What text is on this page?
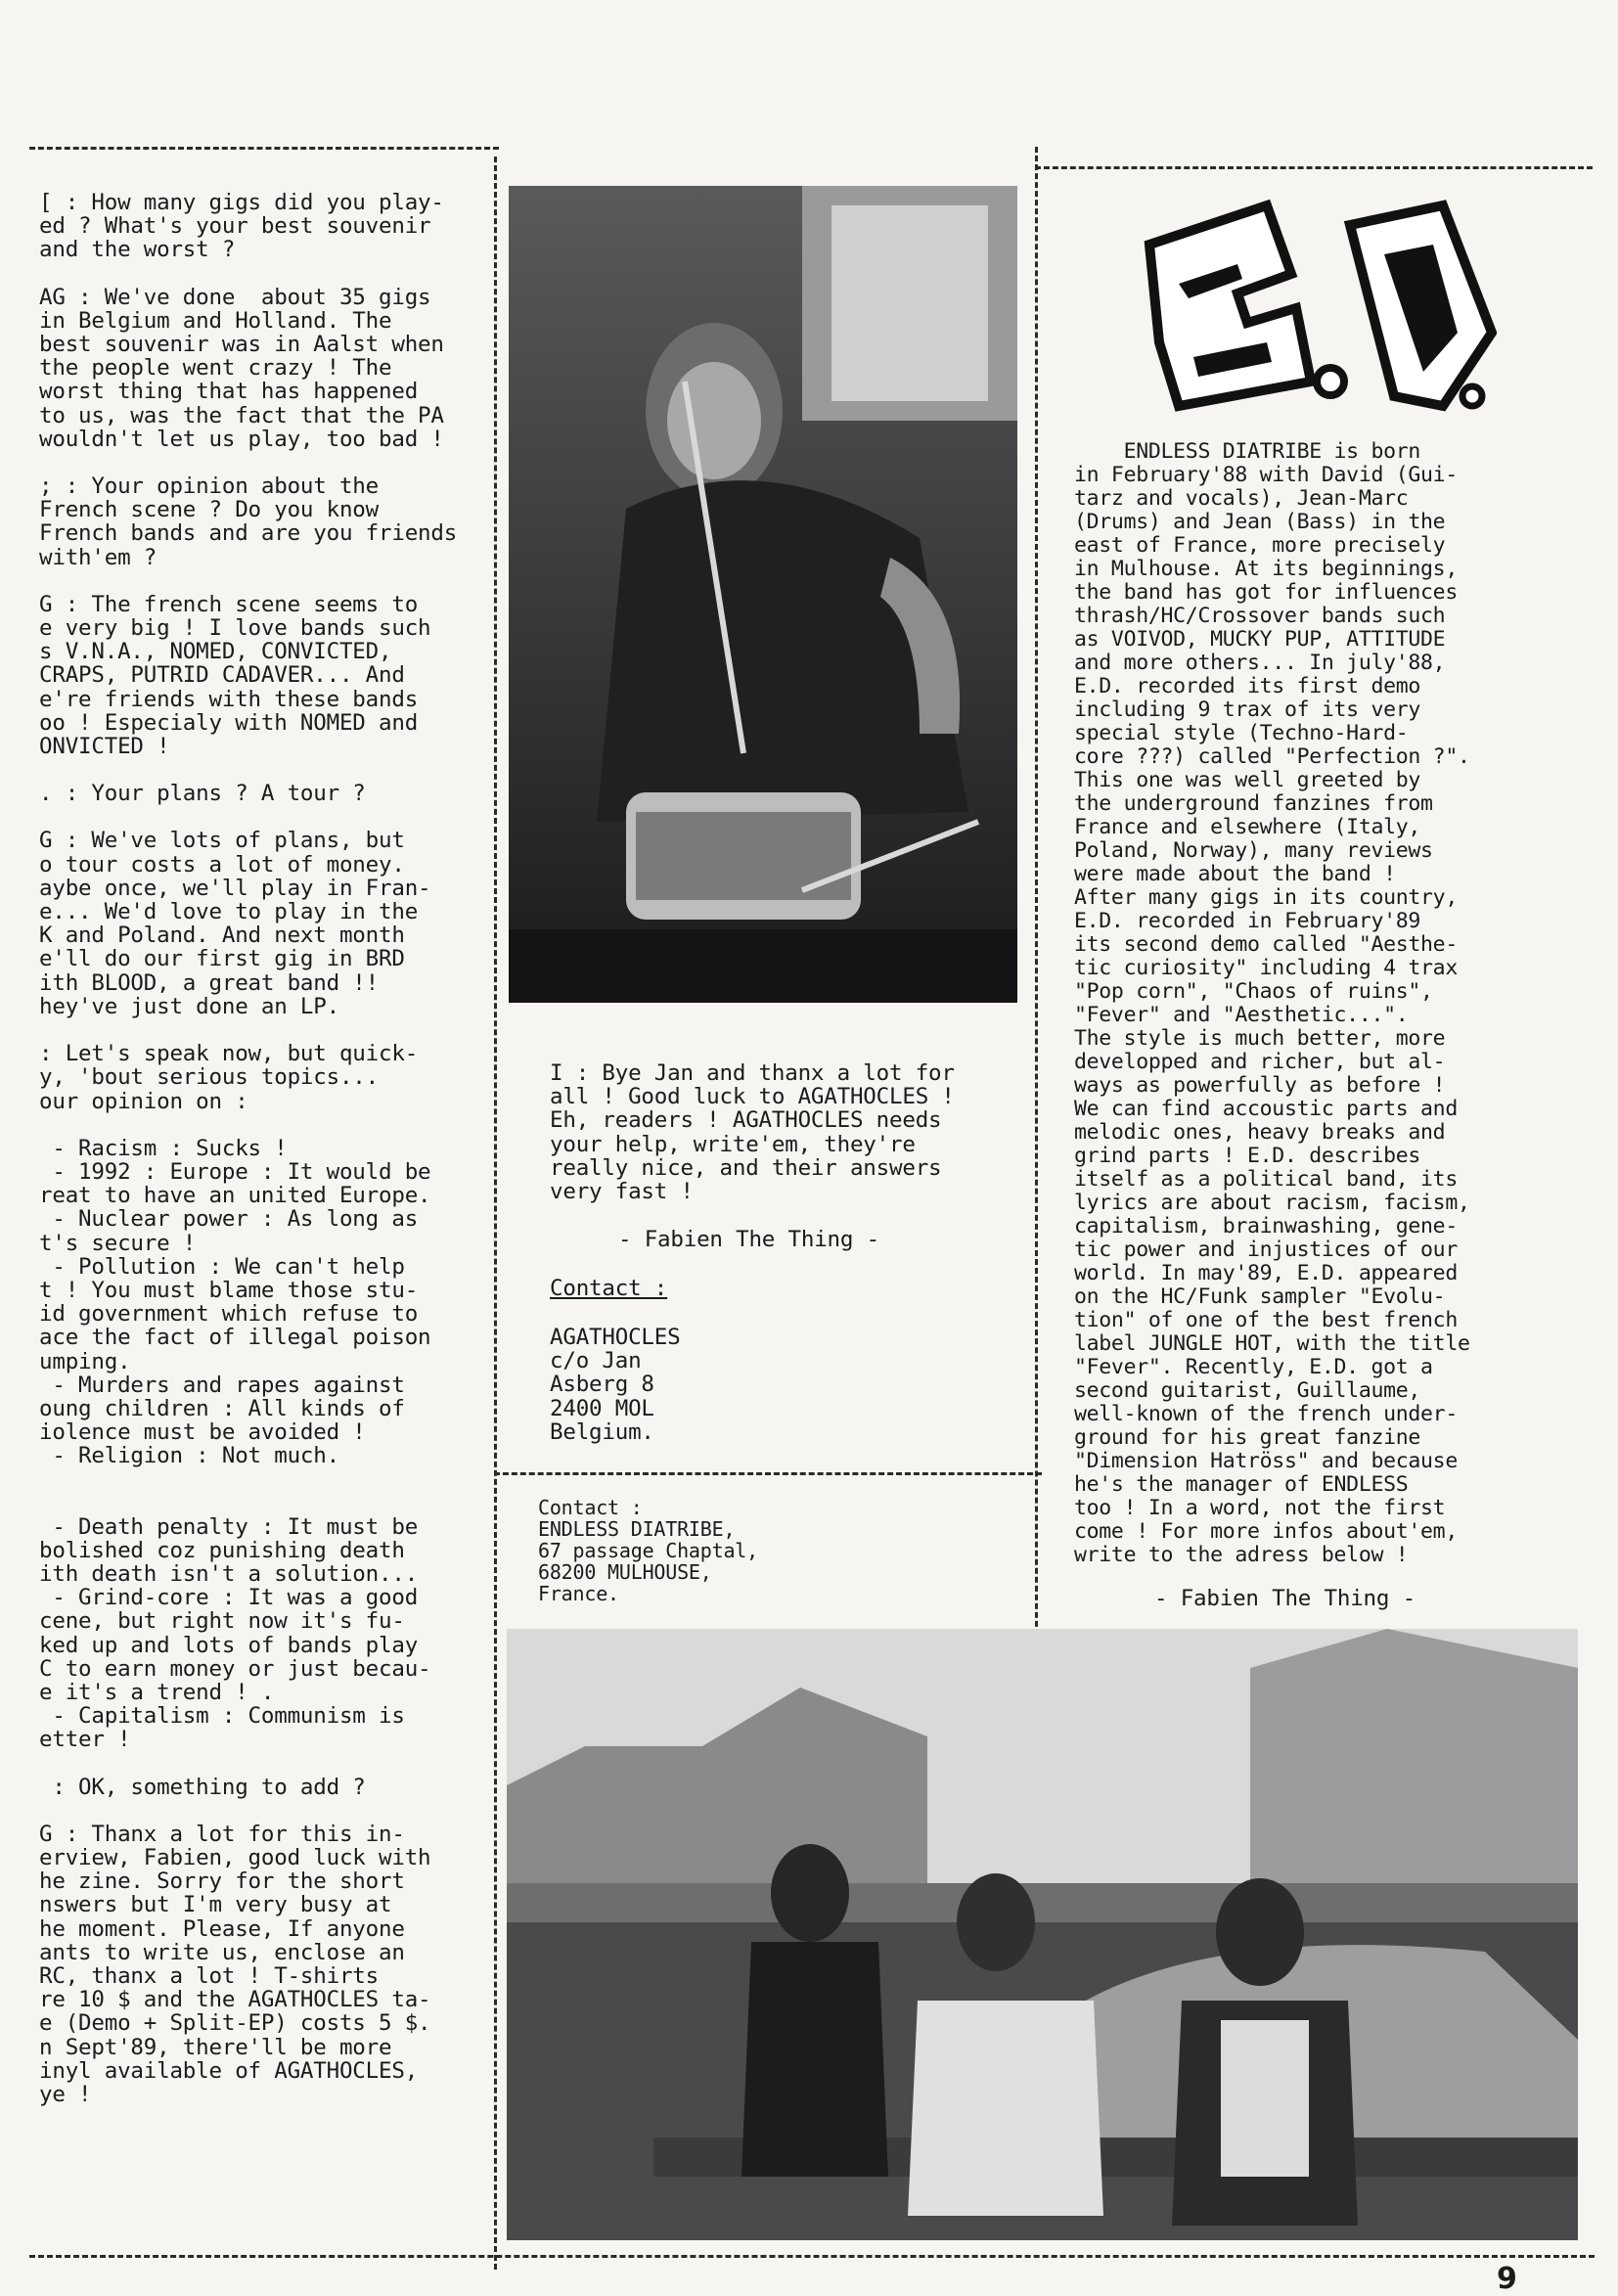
[ : How many gigs did you play-
ed ? What's your best souvenir
and the worst ?
AG : We've done  about 35 gigs
in Belgium and Holland. The
best souvenir was in Aalst when
the people went crazy ! The
worst thing that has happened
to us, was the fact that the PA
wouldn't let us play, too bad !
; : Your opinion about the
French scene ? Do you know
French bands and are you friends
with'em ?
G : The french scene seems to
e very big ! I love bands such
s V.N.A., NOMED, CONVICTED,
CRAPS, PUTRID CADAVER... And
e're friends with these bands
oo ! Especialy with NOMED and
ONVICTED !
. : Your plans ? A tour ?
G : We've lots of plans, but
o tour costs a lot of money.
aybe once, we'll play in Fran-
e... We'd love to play in the
K and Poland. And next month
e'll do our first gig in BRD
ith BLOOD, a great band !!
hey've just done an LP.
: Let's speak now, but quick-
y, 'bout serious topics...
our opinion on :
- Racism : Sucks !
- 1992 : Europe : It would be
reat to have an united Europe.
- Nuclear power : As long as
t's secure !
- Pollution : We can't help
t ! You must blame those stu-
id government which refuse to
ace the fact of illegal poison
umping.
- Murders and rapes against
oung children : All kinds of
iolence must be avoided !
- Religion : Not much.
- Death penalty : It must be
bolished coz punishing death
ith death isn't a solution...
- Grind-core : It was a good
cene, but right now it's fu-
ked up and lots of bands play
C to earn money or just becau-
e it's a trend ! .
- Capitalism : Communism is
etter !
: OK, something to add ?
G : Thanx a lot for this in-
erview, Fabien, good luck with
he zine. Sorry for the short
nswers but I'm very busy at
he moment. Please, If anyone
ants to write us, enclose an
RC, thanx a lot ! T-shirts
re 10 $ and the AGATHOCLES ta-
e (Demo + Split-EP) costs 5 $.
n Sept'89, there'll be more
inyl available of AGATHOCLES,
ye !
I : Bye Jan and thanx a lot for
all ! Good luck to AGATHOCLES !
Eh, readers ! AGATHOCLES needs
your help, write'em, they're
really nice, and their answers
very fast !
- Fabien The Thing -
Contact :
AGATHOCLES
c/o Jan
Asberg 8
2400 MOL
Belgium.
Contact :
ENDLESS DIATRIBE,
67 passage Chaptal,
68200 MULHOUSE,
France.
ENDLESS DIATRIBE is born
in February'88 with David (Gui-
tarz and vocals), Jean-Marc
(Drums) and Jean (Bass) in the
east of France, more precisely
in Mulhouse. At its beginnings,
the band has got for influences
thrash/HC/Crossover bands such
as VOIVOD, MUCKY PUP, ATTITUDE
and more others... In july'88,
E.D. recorded its first demo
including 9 trax of its very
special style (Techno-Hard-
core ???) called "Perfection ?".
This one was well greeted by
the underground fanzines from
France and elsewhere (Italy,
Poland, Norway), many reviews
were made about the band !
After many gigs in its country,
E.D. recorded in February'89
its second demo called "Aesthe-
tic curiosity" including 4 trax
"Pop corn", "Chaos of ruins",
"Fever" and "Aesthetic...".
The style is much better, more
developped and richer, but al-
ways as powerfully as before !
We can find accoustic parts and
melodic ones, heavy breaks and
grind parts ! E.D. describes
itself as a political band, its
lyrics are about racism, facism,
capitalism, brainwashing, gene-
tic power and injustices of our
world. In may'89, E.D. appeared
on the HC/Funk sampler "Evolu-
tion" of one of the best french
label JUNGLE HOT, with the title
"Fever". Recently, E.D. got a
second guitarist, Guillaume,
well-known of the french under-
ground for his great fanzine
"Dimension Hatröss" and because
he's the manager of ENDLESS
too ! In a word, not the first
come ! For more infos about'em,
write to the adress below !
- Fabien The Thing -
9
